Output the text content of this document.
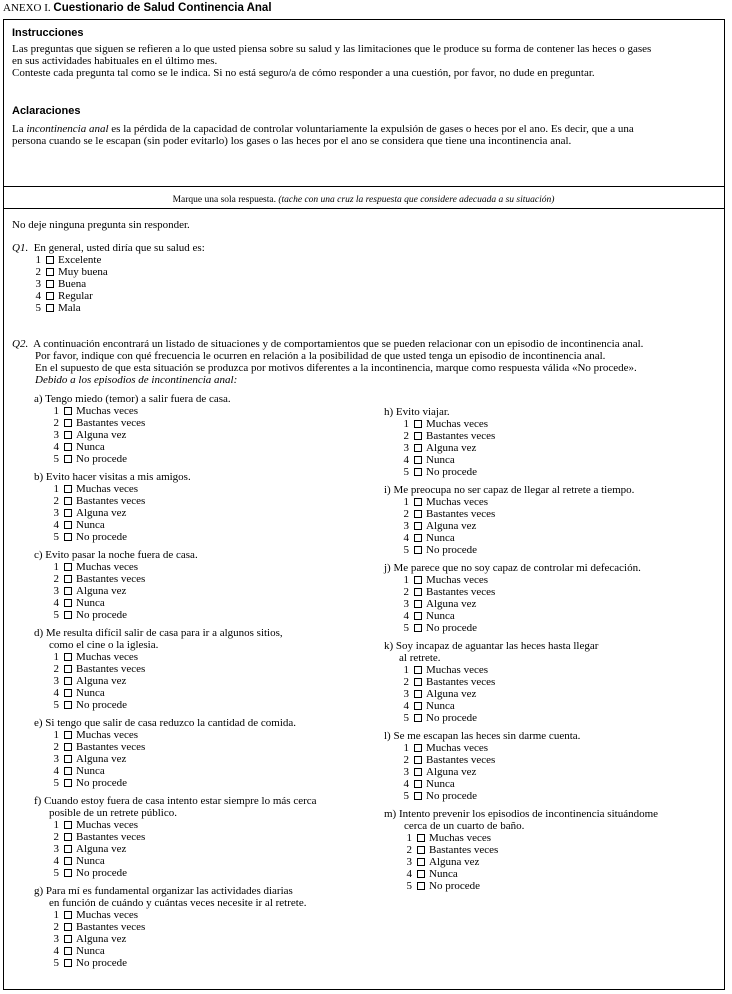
ANEXO I. Cuestionario de Salud Continencia Anal
Instrucciones
Las preguntas que siguen se refieren a lo que usted piensa sobre su salud y las limitaciones que le produce su forma de contener las heces o gases
en sus actividades habituales en el último mes.
Conteste cada pregunta tal como se le indica. Si no está seguro/a de cómo responder a una cuestión, por favor, no dude en preguntar.
Aclaraciones
La incontinencia anal es la pérdida de la capacidad de controlar voluntariamente la expulsión de gases o heces por el ano. Es decir, que a una
persona cuando se le escapan (sin poder evitarlo) los gases o las heces por el ano se considera que tiene una incontinencia anal.
Marque una sola respuesta. (tache con una cruz la respuesta que considere adecuada a su situación)
No deje ninguna pregunta sin responder.
Q1. En general, usted diría que su salud es:
1 Excelente
2 Muy buena
3 Buena
4 Regular
5 Mala
Q2. A continuación encontrará un listado de situaciones y de comportamientos que se pueden relacionar con un episodio de incontinencia anal.
Por favor, indique con qué frecuencia le ocurren en relación a la posibilidad de que usted tenga un episodio de incontinencia anal.
En el supuesto de que esta situación se produzca por motivos diferentes a la incontinencia, marque como respuesta válida «No procede».
Debido a los episodios de incontinencia anal:
a) Tengo miedo (temor) a salir fuera de casa.
1 Muchas veces
2 Bastantes veces
3 Alguna vez
4 Nunca
5 No procede
b) Evito hacer visitas a mis amigos.
1 Muchas veces
2 Bastantes veces
3 Alguna vez
4 Nunca
5 No procede
c) Evito pasar la noche fuera de casa.
1 Muchas veces
2 Bastantes veces
3 Alguna vez
4 Nunca
5 No procede
d) Me resulta difícil salir de casa para ir a algunos sitios,
como el cine o la iglesia.
1 Muchas veces
2 Bastantes veces
3 Alguna vez
4 Nunca
5 No procede
e) Si tengo que salir de casa reduzco la cantidad de comida.
1 Muchas veces
2 Bastantes veces
3 Alguna vez
4 Nunca
5 No procede
f) Cuando estoy fuera de casa intento estar siempre lo más cerca
posible de un retrete público.
1 Muchas veces
2 Bastantes veces
3 Alguna vez
4 Nunca
5 No procede
g) Para mí es fundamental organizar las actividades diarias
en función de cuándo y cuántas veces necesite ir al retrete.
1 Muchas veces
2 Bastantes veces
3 Alguna vez
4 Nunca
5 No procede
h) Evito viajar.
1 Muchas veces
2 Bastantes veces
3 Alguna vez
4 Nunca
5 No procede
i) Me preocupa no ser capaz de llegar al retrete a tiempo.
1 Muchas veces
2 Bastantes veces
3 Alguna vez
4 Nunca
5 No procede
j) Me parece que no soy capaz de controlar mi defecación.
1 Muchas veces
2 Bastantes veces
3 Alguna vez
4 Nunca
5 No procede
k) Soy incapaz de aguantar las heces hasta llegar
al retrete.
1 Muchas veces
2 Bastantes veces
3 Alguna vez
4 Nunca
5 No procede
l) Se me escapan las heces sin darme cuenta.
1 Muchas veces
2 Bastantes veces
3 Alguna vez
4 Nunca
5 No procede
m) Intento prevenir los episodios de incontinencia situándome
cerca de un cuarto de baño.
1 Muchas veces
2 Bastantes veces
3 Alguna vez
4 Nunca
5 No procede
